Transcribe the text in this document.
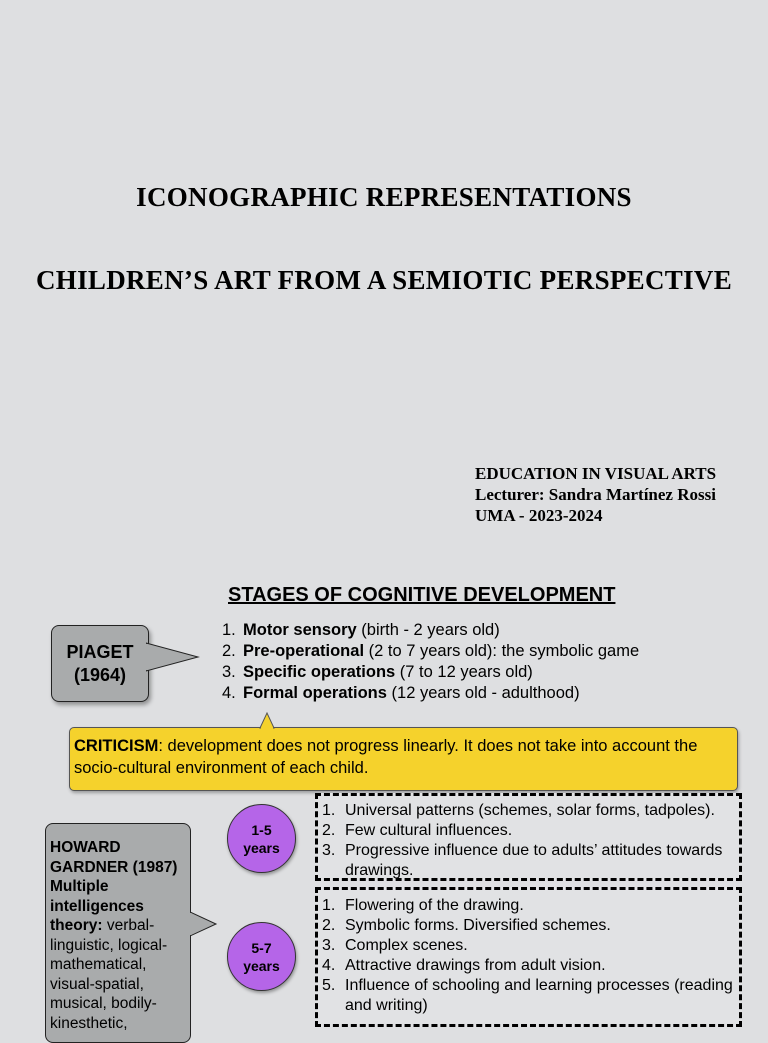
ICONOGRAPHIC REPRESENTATIONS
CHILDREN’S ART FROM A SEMIOTIC PERSPECTIVE
EDUCATION IN VISUAL ARTS
Lecturer: Sandra Martínez Rossi
UMA - 2023-2024
STAGES OF COGNITIVE DEVELOPMENT
PIAGET
(1964)
1. Motor sensory (birth - 2 years old)
2. Pre-operational (2 to 7 years old): the symbolic game
3. Specific operations (7 to 12 years old)
4. Formal operations (12 years old - adulthood)
CRITICISM: development does not progress linearly. It does not take into account the socio-cultural environment of each child.
HOWARD GARDNER (1987) Multiple intelligences theory: verbal-linguistic, logical-mathematical, visual-spatial, musical, bodily-kinesthetic,
1-5
years
5-7
years
1. Universal patterns (schemes, solar forms, tadpoles).
2. Few cultural influences.
3. Progressive influence due to adults’ attitudes towards drawings.
1. Flowering of the drawing.
2. Symbolic forms. Diversified schemes.
3. Complex scenes.
4. Attractive drawings from adult vision.
5. Influence of schooling and learning processes (reading and writing)
